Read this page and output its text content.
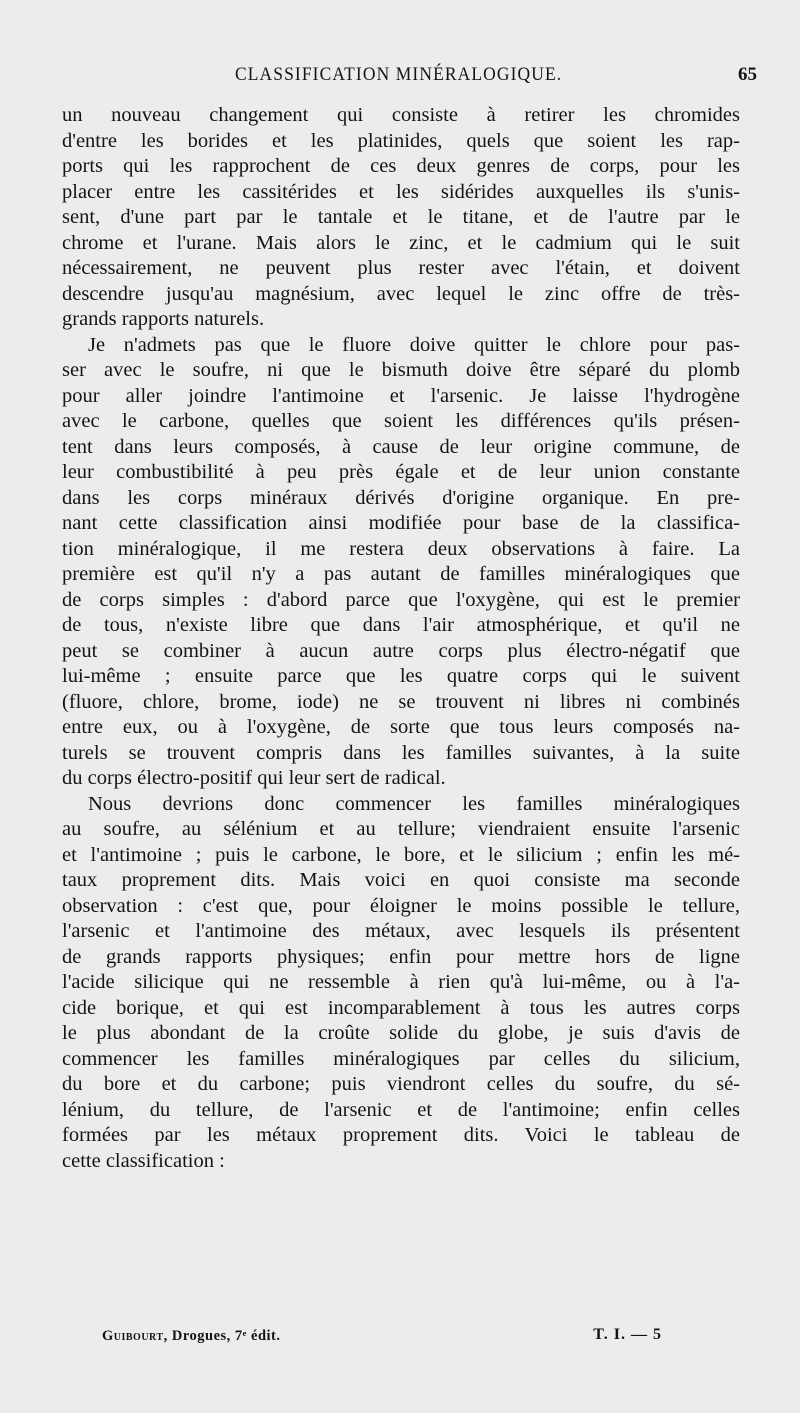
CLASSIFICATION MINÉRALOGIQUE.	65
un nouveau changement qui consiste à retirer les chromides
d'entre les borides et les platinides, quels que soient les rap-
ports qui les rapprochent de ces deux genres de corps, pour les
placer entre les cassitérides et les sidérides auxquelles ils s'unis-
sent, d'une part par le tantale et le titane, et de l'autre par le
chrome et l'urane. Mais alors le zinc, et le cadmium qui le suit
nécessairement, ne peuvent plus rester avec l'étain, et doivent
descendre jusqu'au magnésium, avec lequel le zinc offre de très-
grands rapports naturels.
Je n'admets pas que le fluore doive quitter le chlore pour pas-
ser avec le soufre, ni que le bismuth doive être séparé du plomb
pour aller joindre l'antimoine et l'arsenic. Je laisse l'hydrogène
avec le carbone, quelles que soient les différences qu'ils présen-
tent dans leurs composés, à cause de leur origine commune, de
leur combustibilité à peu près égale et de leur union constante
dans les corps minéraux dérivés d'origine organique. En pre-
nant cette classification ainsi modifiée pour base de la classifica-
tion minéralogique, il me restera deux observations à faire. La
première est qu'il n'y a pas autant de familles minéralogiques que
de corps simples : d'abord parce que l'oxygène, qui est le premier
de tous, n'existe libre que dans l'air atmosphérique, et qu'il ne
peut se combiner à aucun autre corps plus électro-négatif que
lui-même ; ensuite parce que les quatre corps qui le suivent
(fluore, chlore, brome, iode) ne se trouvent ni libres ni combinés
entre eux, ou à l'oxygène, de sorte que tous leurs composés na-
turels se trouvent compris dans les familles suivantes, à la suite
du corps électro-positif qui leur sert de radical.
Nous devrions donc commencer les familles minéralogiques
au soufre, au sélénium et au tellure; viendraient ensuite l'arsenic
et l'antimoine ; puis le carbone, le bore, et le silicium ; enfin les mé-
taux proprement dits. Mais voici en quoi consiste ma seconde
observation : c'est que, pour éloigner le moins possible le tellure,
l'arsenic et l'antimoine des métaux, avec lesquels ils présentent
de grands rapports physiques; enfin pour mettre hors de ligne
l'acide silicique qui ne ressemble à rien qu'à lui-même, ou à l'a-
cide borique, et qui est incomparablement à tous les autres corps
le plus abondant de la croûte solide du globe, je suis d'avis de
commencer les familles minéralogiques par celles du silicium,
du bore et du carbone; puis viendront celles du soufre, du sé-
lénium, du tellure, de l'arsenic et de l'antimoine; enfin celles
formées par les métaux proprement dits. Voici le tableau de
cette classification :
Guibourt, Drogues, 7ᵉ édit.	T. I. — 5
